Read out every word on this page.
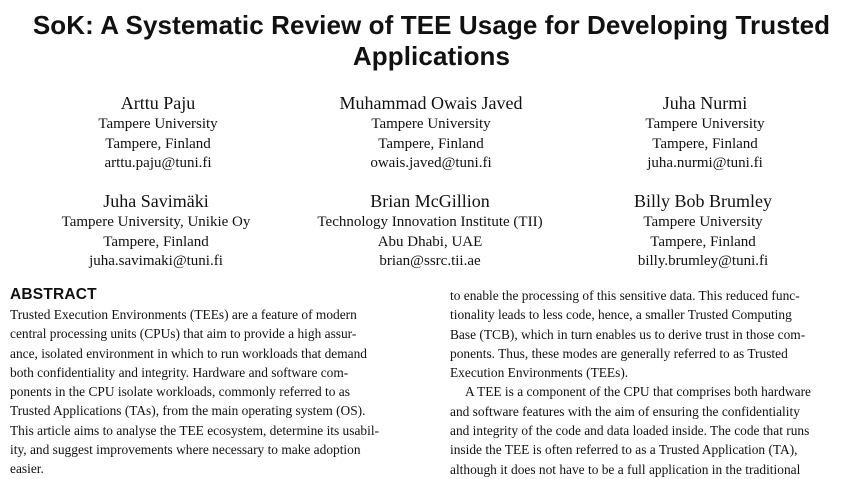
SoK: A Systematic Review of TEE Usage for Developing Trusted
Applications
Arttu Paju
Tampere University
Tampere, Finland
arttu.paju@tuni.fi
Muhammad Owais Javed
Tampere University
Tampere, Finland
owais.javed@tuni.fi
Juha Nurmi
Tampere University
Tampere, Finland
juha.nurmi@tuni.fi
Juha Savimäki
Tampere University, Unikie Oy
Tampere, Finland
juha.savimaki@tuni.fi
Brian McGillion
Technology Innovation Institute (TII)
Abu Dhabi, UAE
brian@ssrc.tii.ae
Billy Bob Brumley
Tampere University
Tampere, Finland
billy.brumley@tuni.fi
ABSTRACT
Trusted Execution Environments (TEEs) are a feature of modern
central processing units (CPUs) that aim to provide a high assur-
ance, isolated environment in which to run workloads that demand
both confidentiality and integrity. Hardware and software com-
ponents in the CPU isolate workloads, commonly referred to as
Trusted Applications (TAs), from the main operating system (OS).
This article aims to analyse the TEE ecosystem, determine its usabil-
ity, and suggest improvements where necessary to make adoption
easier.
to enable the processing of this sensitive data. This reduced func-
tionality leads to less code, hence, a smaller Trusted Computing
Base (TCB), which in turn enables us to derive trust in those com-
ponents. Thus, these modes are generally referred to as Trusted
Execution Environments (TEEs).
A TEE is a component of the CPU that comprises both hardware
and software features with the aim of ensuring the confidentiality
and integrity of the code and data loaded inside. The code that runs
inside the TEE is often referred to as a Trusted Application (TA),
although it does not have to be a full application in the traditional
